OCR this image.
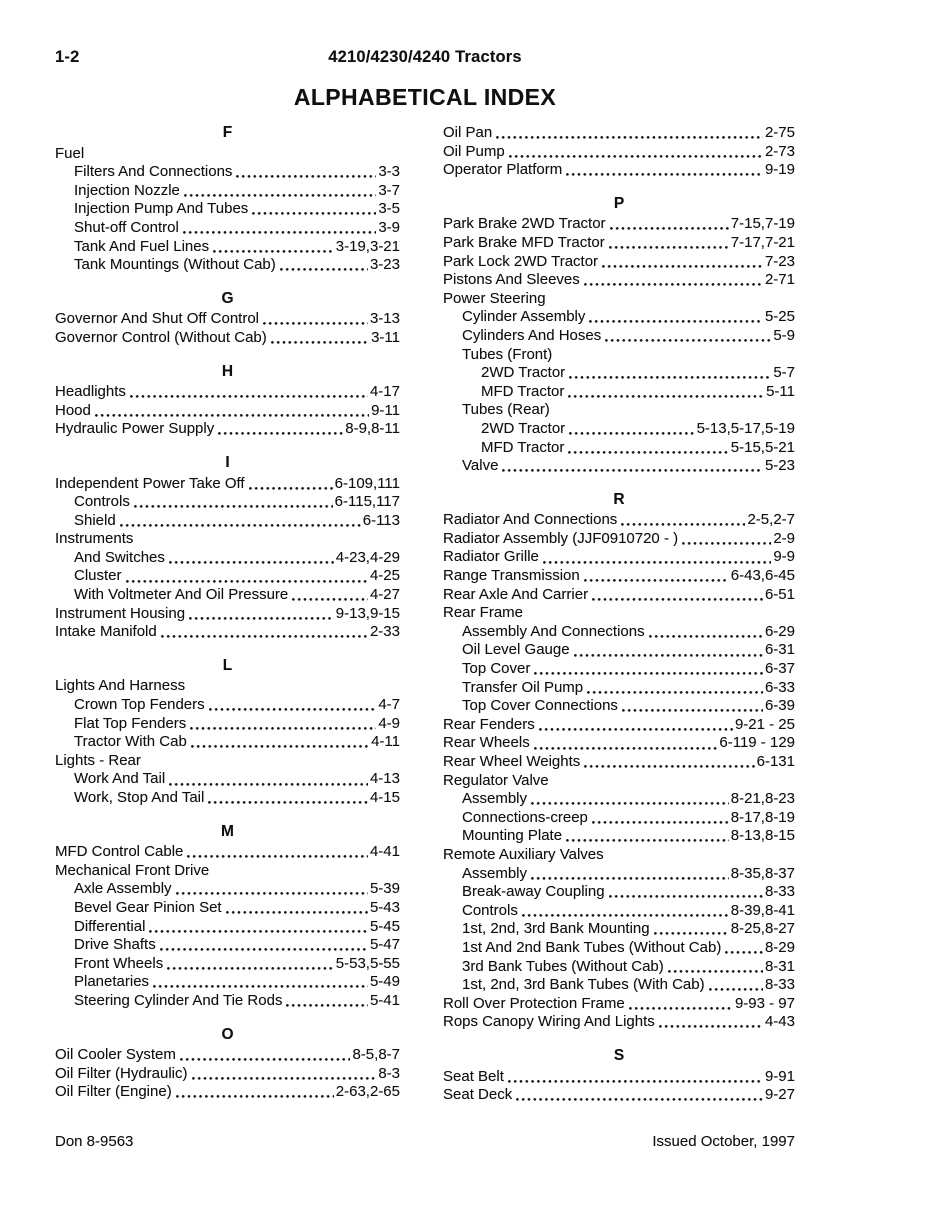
1-2	4210/4230/4240 Tractors
ALPHABETICAL INDEX
F
Fuel
Filters And Connections	3-3
Injection Nozzle	3-7
Injection Pump And Tubes	3-5
Shut-off Control	3-9
Tank And Fuel Lines	3-19,3-21
Tank Mountings (Without Cab)	3-23
G
Governor And Shut Off Control	3-13
Governor Control (Without Cab)	3-11
H
Headlights	4-17
Hood	9-11
Hydraulic Power Supply	8-9,8-11
I
Independent Power Take Off	6-109,111
Controls	6-115,117
Shield	6-113
Instruments
And Switches	4-23,4-29
Cluster	4-25
With Voltmeter And Oil Pressure	4-27
Instrument Housing	9-13,9-15
Intake Manifold	2-33
L
Lights And Harness
Crown Top Fenders	4-7
Flat Top Fenders	4-9
Tractor With Cab	4-11
Lights - Rear
Work And Tail	4-13
Work, Stop And Tail	4-15
M
MFD Control Cable	4-41
Mechanical Front Drive
Axle Assembly	5-39
Bevel Gear Pinion Set	5-43
Differential	5-45
Drive Shafts	5-47
Front Wheels	5-53,5-55
Planetaries	5-49
Steering Cylinder And Tie Rods	5-41
O
Oil Cooler System	8-5,8-7
Oil Filter (Hydraulic)	8-3
Oil Filter (Engine)	2-63,2-65
Oil Pan	2-75
Oil Pump	2-73
Operator Platform	9-19
P
Park Brake 2WD Tractor	7-15,7-19
Park Brake MFD Tractor	7-17,7-21
Park Lock 2WD Tractor	7-23
Pistons And Sleeves	2-71
Power Steering
Cylinder Assembly	5-25
Cylinders And Hoses	5-9
Tubes (Front)
2WD Tractor	5-7
MFD Tractor	5-11
Tubes (Rear)
2WD Tractor	5-13,5-17,5-19
MFD Tractor	5-15,5-21
Valve	5-23
R
Radiator And Connections	2-5,2-7
Radiator Assembly (JJF0910720 - )	2-9
Radiator Grille	9-9
Range Transmission	6-43,6-45
Rear Axle And Carrier	6-51
Rear Frame
Assembly And Connections	6-29
Oil Level Gauge	6-31
Top Cover	6-37
Transfer Oil Pump	6-33
Top Cover Connections	6-39
Rear Fenders	9-21 - 25
Rear Wheels	6-119 - 129
Rear Wheel Weights	6-131
Regulator Valve
Assembly	8-21,8-23
Connections-creep	8-17,8-19
Mounting Plate	8-13,8-15
Remote Auxiliary Valves
Assembly	8-35,8-37
Break-away Coupling	8-33
Controls	8-39,8-41
1st, 2nd, 3rd Bank Mounting	8-25,8-27
1st And 2nd Bank Tubes (Without Cab)	8-29
3rd Bank Tubes (Without Cab)	8-31
1st, 2nd, 3rd Bank Tubes (With Cab)	8-33
Roll Over Protection Frame	9-93 - 97
Rops Canopy Wiring And Lights	4-43
S
Seat Belt	9-91
Seat Deck	9-27
Don 8-9563	Issued October, 1997
